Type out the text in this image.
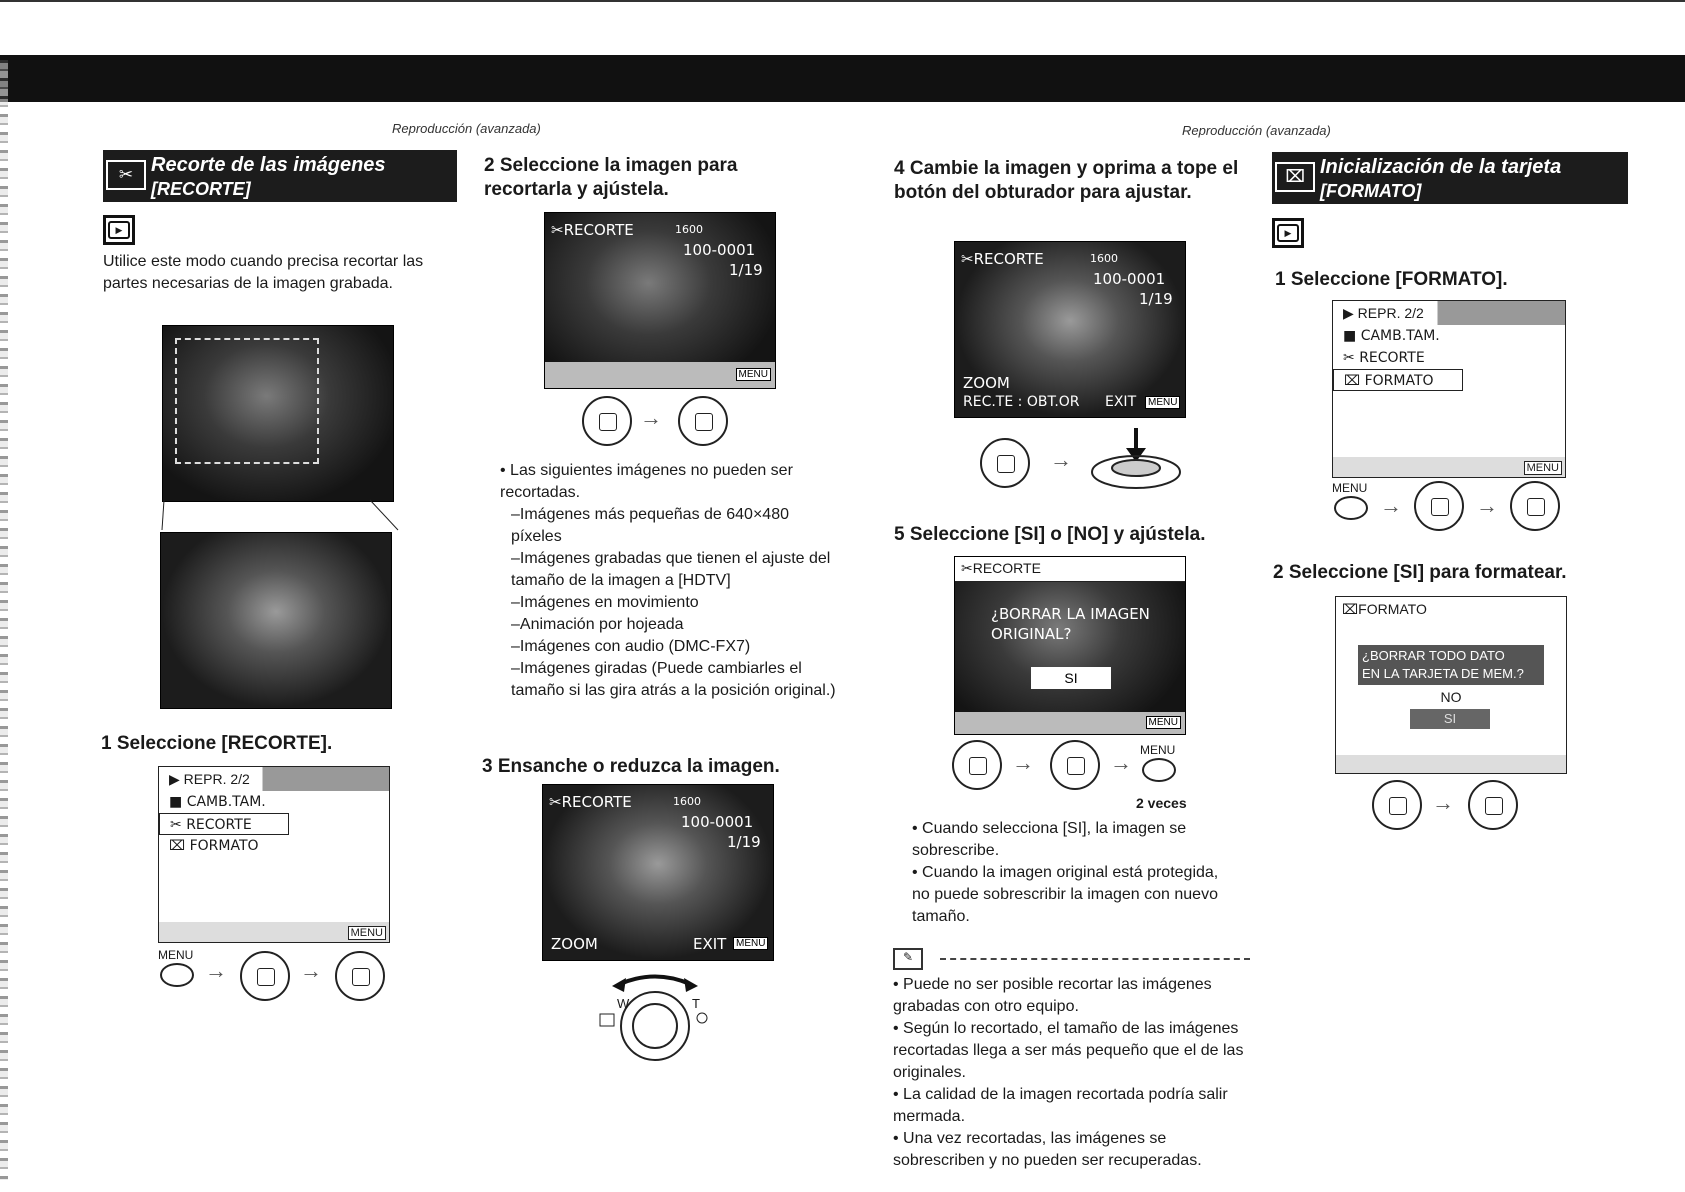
Reproducción (avanzada)	Reproducción (avanzada)
✂ Recorte de las imágenes
[RECORTE]
▶
Utilice este modo cuando precisa recortar las partes necesarias de la imagen grabada.
1 Seleccione [RECORTE].
▶ REPR. 2/2
■ CAMB.TAM.
✂ RECORTE
⌧ FORMATO
MENU
MENU
→	→
2 Seleccione la imagen para recortarla y ajústela.
✂RECORTE	1600
100-0001
1/19
MENU
→
• Las siguientes imágenes no pueden ser recortadas.
–Imágenes más pequeñas de 640×480 píxeles
–Imágenes grabadas que tienen el ajuste del tamaño de la imagen a [HDTV]
–Imágenes en movimiento
–Animación por hojeada
–Imágenes con audio (DMC-FX7)
–Imágenes giradas (Puede cambiarles el tamaño si las gira atrás a la posición original.)
3 Ensanche o reduzca la imagen.
✂RECORTE	1600
100-0001
1/19
ZOOM	EXIT MENU
W	T
4 Cambie la imagen y oprima a tope el botón del obturador para ajustar.
✂RECORTE	1600
100-0001
1/19
ZOOM
REC.TE : OBT.OR EXIT	MENU
→
5 Seleccione [SI] o [NO] y ajústela.
✂RECORTE
¿BORRAR LA IMAGEN
ORIGINAL?
SI
MENU
→	→ MENU
2 veces
• Cuando selecciona [SI], la imagen se sobrescribe.
• Cuando la imagen original está protegida, no puede sobrescribir la imagen con nuevo tamaño.
✎
• Puede no ser posible recortar las imágenes grabadas con otro equipo.
• Según lo recortado, el tamaño de las imágenes recortadas llega a ser más pequeño que el de las originales.
• La calidad de la imagen recortada podría salir mermada.
• Una vez recortadas, las imágenes se sobrescriben y no pueden ser recuperadas.
⌧ Inicialización de la tarjeta
[FORMATO]
▶
1 Seleccione [FORMATO].
▶ REPR. 2/2
■ CAMB.TAM.
✂ RECORTE
⌧ FORMATO
MENU
MENU
→	→
2 Seleccione [SI] para formatear.
⌧FORMATO
¿BORRAR TODO DATO
EN LA TARJETA DE MEM.?
NO
SI
→
